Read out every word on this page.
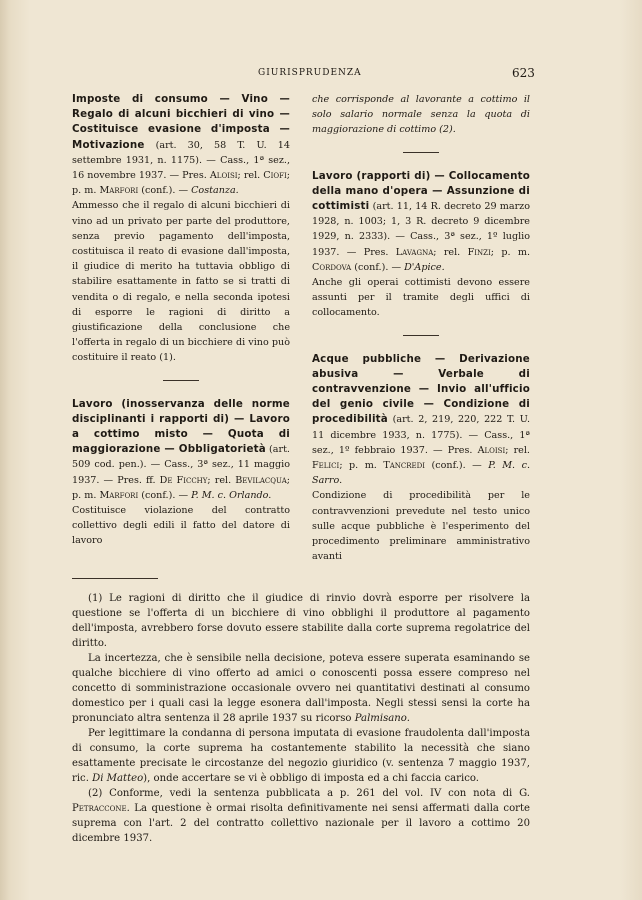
GIURISPRUDENZA	623

Imposte di consumo — Vino — Regalo di alcuni bicchieri di vino — Costituisce evasione d'imposta — Motivazione (art. 30, 58 T. U. 14 settembre 1931, n. 1175). — Cass., 1ª sez., 16 novembre 1937. — Pres. Aloisi; rel. Ciofi; p. m. Marfori (conf.). — Costanza.

Ammesso che il regalo di alcuni bicchieri di vino ad un privato per parte del produttore, senza previo pagamento dell'imposta, costituisca il reato di evasione dall'imposta, il giudice di merito ha tuttavia obbligo di stabilire esattamente in fatto se si tratti di vendita o di regalo, e nella seconda ipotesi di esporre le ragioni di diritto a giustificazione della conclusione che l'offerta in regalo di un bicchiere di vino può costituire il reato (1).

Lavoro (inosservanza delle norme disciplinanti i rapporti di) — Lavoro a cottimo misto — Quota di maggiorazione — Obbligatorietà (art. 509 cod. pen.). — Cass., 3ª sez., 11 maggio 1937. — Pres. ff. De Ficchy; rel. Bevilacqua; p. m. Marfori (conf.). — P. M. c. Orlando.

Costituisce violazione del contratto collettivo degli edili il fatto del datore di lavoro

che corrisponde al lavorante a cottimo il solo salario normale senza la quota di maggiorazione di cottimo (2).

Lavoro (rapporti di) — Collocamento della mano d'opera — Assunzione di cottimisti (art. 11, 14 R. decreto 29 marzo 1928, n. 1003; 1, 3 R. decreto 9 dicembre 1929, n. 2333). — Cass., 3ª sez., 1º luglio 1937. — Pres. Lavagna; rel. Finzi; p. m. Cordova (conf.). — D'Apice.

Anche gli operai cottimisti devono essere assunti per il tramite degli uffici di collocamento.

Acque pubbliche — Derivazione abusiva — Verbale di contravvenzione — Invio all'ufficio del genio civile — Condizione di procedibilità (art. 2, 219, 220, 222 T. U. 11 dicembre 1933, n. 1775). — Cass., 1ª sez., 1º febbraio 1937. — Pres. Aloisi; rel. Felici; p. m. Tancredi (conf.). — P. M. c. Sarro.

Condizione di procedibilità per le contravvenzioni prevedute nel testo unico sulle acque pubbliche è l'esperimento del procedimento preliminare amministrativo avanti

(1) Le ragioni di diritto che il giudice di rinvio dovrà esporre per risolvere la questione se l'offerta di un bicchiere di vino obblighi il produttore al pagamento dell'imposta, avrebbero forse dovuto essere stabilite dalla corte suprema regolatrice del diritto.

La incertezza, che è sensibile nella decisione, poteva essere superata esaminando se qualche bicchiere di vino offerto ad amici o conoscenti possa essere compreso nel concetto di somministrazione occasionale ovvero nei quantitativi destinati al consumo domestico per i quali casi la legge esonera dall'imposta. Negli stessi sensi la corte ha pronunciato altra sentenza il 28 aprile 1937 su ricorso Palmisano.

Per legittimare la condanna di persona imputata di evasione fraudolenta dall'imposta di consumo, la corte suprema ha costantemente stabilito la necessità che siano esattamente precisate le circostanze del negozio giuridico (v. sentenza 7 maggio 1937, ric. Di Matteo), onde accertare se vi è obbligo di imposta ed a chi faccia carico.

(2) Conforme, vedi la sentenza pubblicata a p. 261 del vol. IV con nota di G. Petraccone. La questione è ormai risolta definitivamente nei sensi affermati dalla corte suprema con l'art. 2 del contratto collettivo nazionale per il lavoro a cottimo 20 dicembre 1937.
